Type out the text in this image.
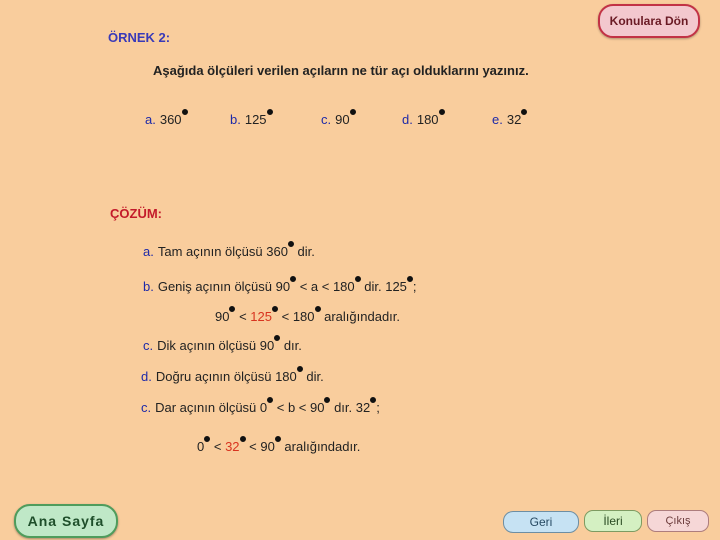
Konulara Dön
ÖRNEK 2:
Aşağıda ölçüleri verilen açıların ne tür açı olduklarını yazınız.
a. 360	b. 125	c. 90	d. 180	e. 32
ÇÖZÜM:
a. Tam açının ölçüsü 360 dir.
b. Geniş açının ölçüsü 90 < a < 180 dir. 125 ;
90 < 125 < 180 aralığındadır.
c. Dik açının ölçüsü 90 dır.
d. Doğru açının ölçüsü 180 dir.
c. Dar açının ölçüsü 0 < b < 90 dır. 32 ;
0 < 32 < 90 aralığındadır.
Ana Sayfa	Geri	İleri	Çıkış
